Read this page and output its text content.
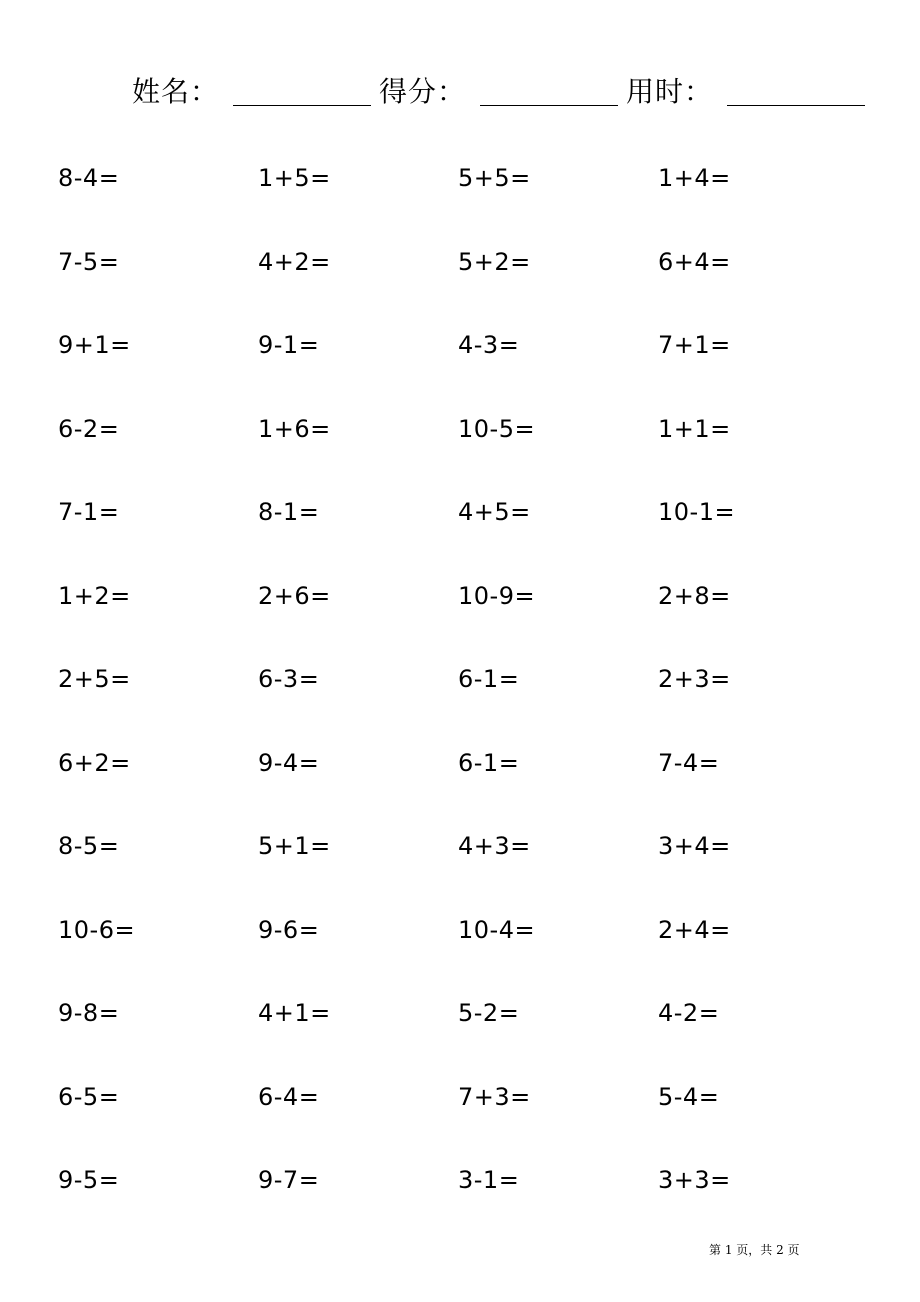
姓名：	得分：	用时：
8-4=	1+5=	5+5=	1+4=
7-5=	4+2=	5+2=	6+4=
9+1=	9-1=	4-3=	7+1=
6-2=	1+6=	10-5=	1+1=
7-1=	8-1=	4+5=	10-1=
1+2=	2+6=	10-9=	2+8=
2+5=	6-3=	6-1=	2+3=
6+2=	9-4=	6-1=	7-4=
8-5=	5+1=	4+3=	3+4=
10-6=	9-6=	10-4=	2+4=
9-8=	4+1=	5-2=	4-2=
6-5=	6-4=	7+3=	5-4=
9-5=	9-7=	3-1=	3+3=
第 1 页，共 2 页
